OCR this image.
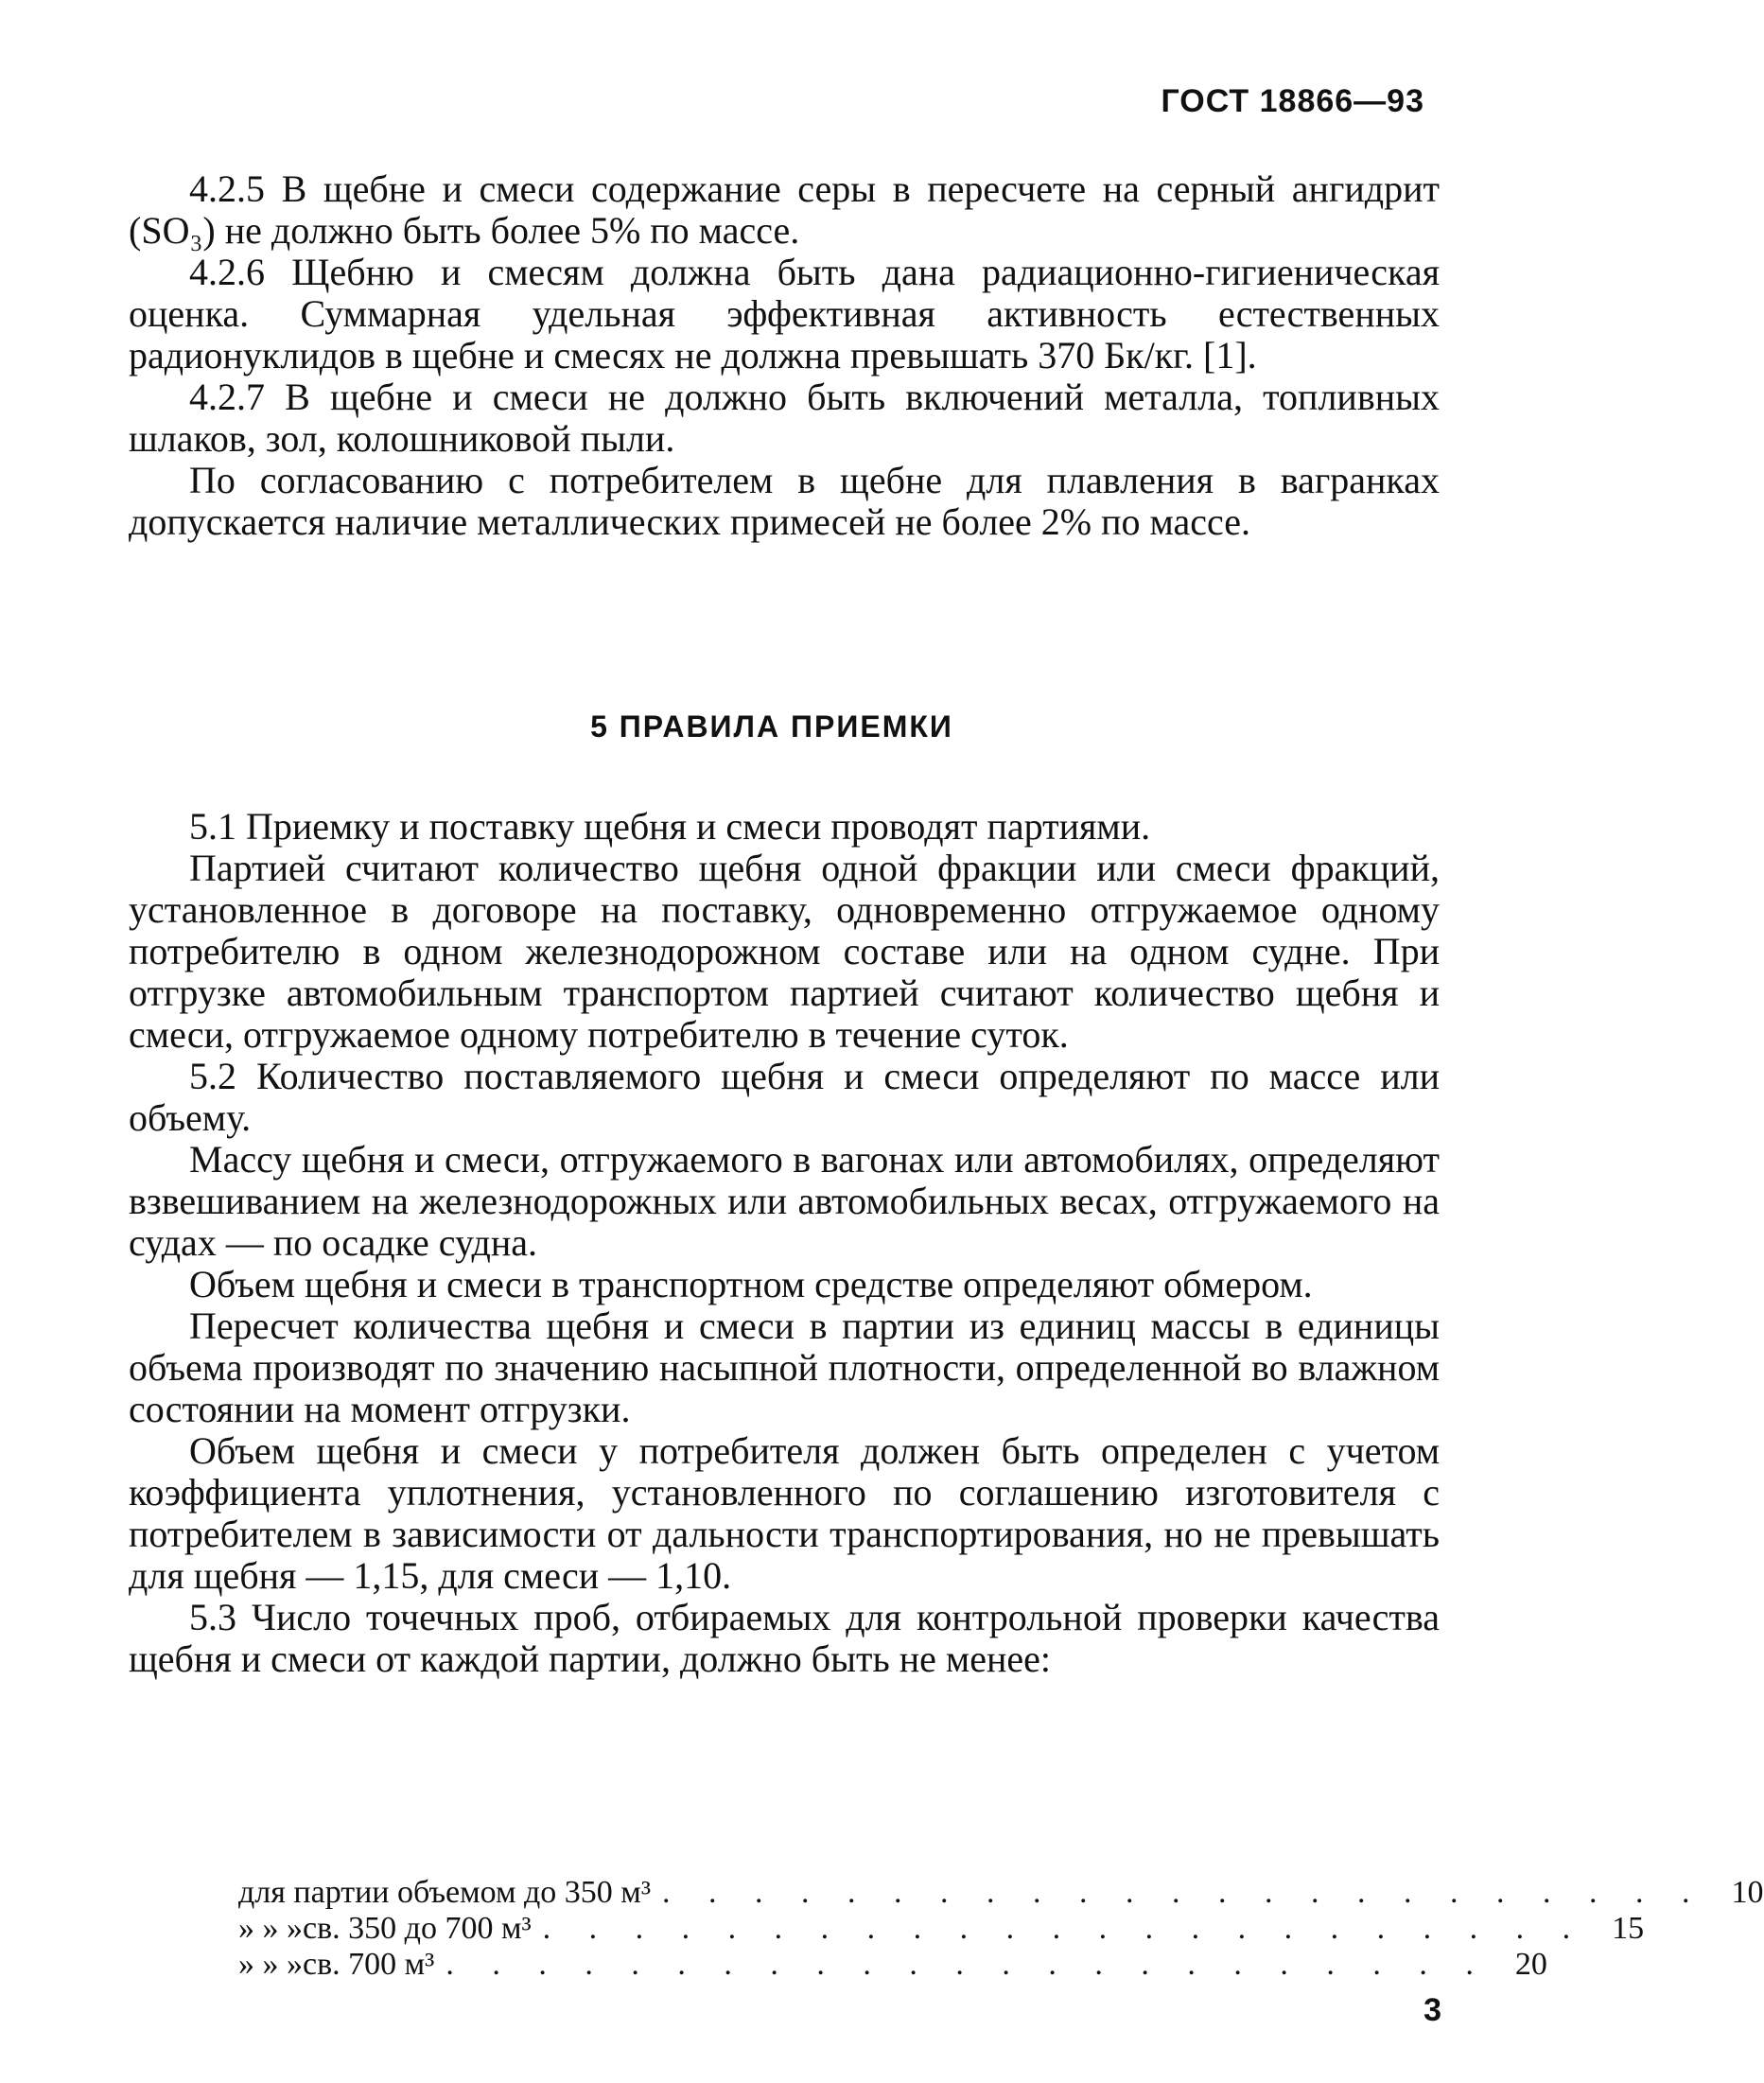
ГОСТ 18866—93

4.2.5 В щебне и смеси содержание серы в пересчете на серный ангидрит (SO₃) не должно быть более 5% по массе.

4.2.6 Щебню и смесям должна быть дана радиационно-гигиеническая оценка. Суммарная удельная эффективная активность естественных радионуклидов в щебне и смесях не должна превышать 370 Бк/кг. [1].

4.2.7 В щебне и смеси не должно быть включений металла, топливных шлаков, зол, колошниковой пыли.

По согласованию с потребителем в щебне для плавления в вагранках допускается наличие металлических примесей не более 2% по массе.

5 ПРАВИЛА ПРИЕМКИ

5.1 Приемку и поставку щебня и смеси проводят партиями.

Партией считают количество щебня одной фракции или смеси фракций, установленное в договоре на поставку, одновременно отгружаемое одному потребителю в одном железнодорожном составе или на одном судне. При отгрузке автомобильным транспортом партией считают количество щебня и смеси, отгружаемое одному потребителю в течение суток.

5.2 Количество поставляемого щебня и смеси определяют по массе или объему.

Массу щебня и смеси, отгружаемого в вагонах или автомобилях, определяют взвешиванием на железнодорожных или автомобильных весах, отгружаемого на судах — по осадке судна.

Объем щебня и смеси в транспортном средстве определяют обмером.

Пересчет количества щебня и смеси в партии из единиц массы в единицы объема производят по значению насыпной плотности, определенной во влажном состоянии на момент отгрузки.

Объем щебня и смеси у потребителя должен быть определен с учетом коэффициента уплотнения, установленного по соглашению изготовителя с потребителем в зависимости от дальности транспортирования, но не превышать для щебня — 1,15, для смеси — 1,10.

5.3 Число точечных проб, отбираемых для контрольной проверки качества щебня и смеси от каждой партии, должно быть не менее:

для партии объемом до 350 м³ . . . . . . . . . . . . . . . . . . . . . . . 10
» » » св. 350 до 700 м³ . . . . . . . . . . . . . . . . . . . . . . . 15
» » » св. 700 м³ . . . . . . . . . . . . . . . . . . . . . . . 20
3
